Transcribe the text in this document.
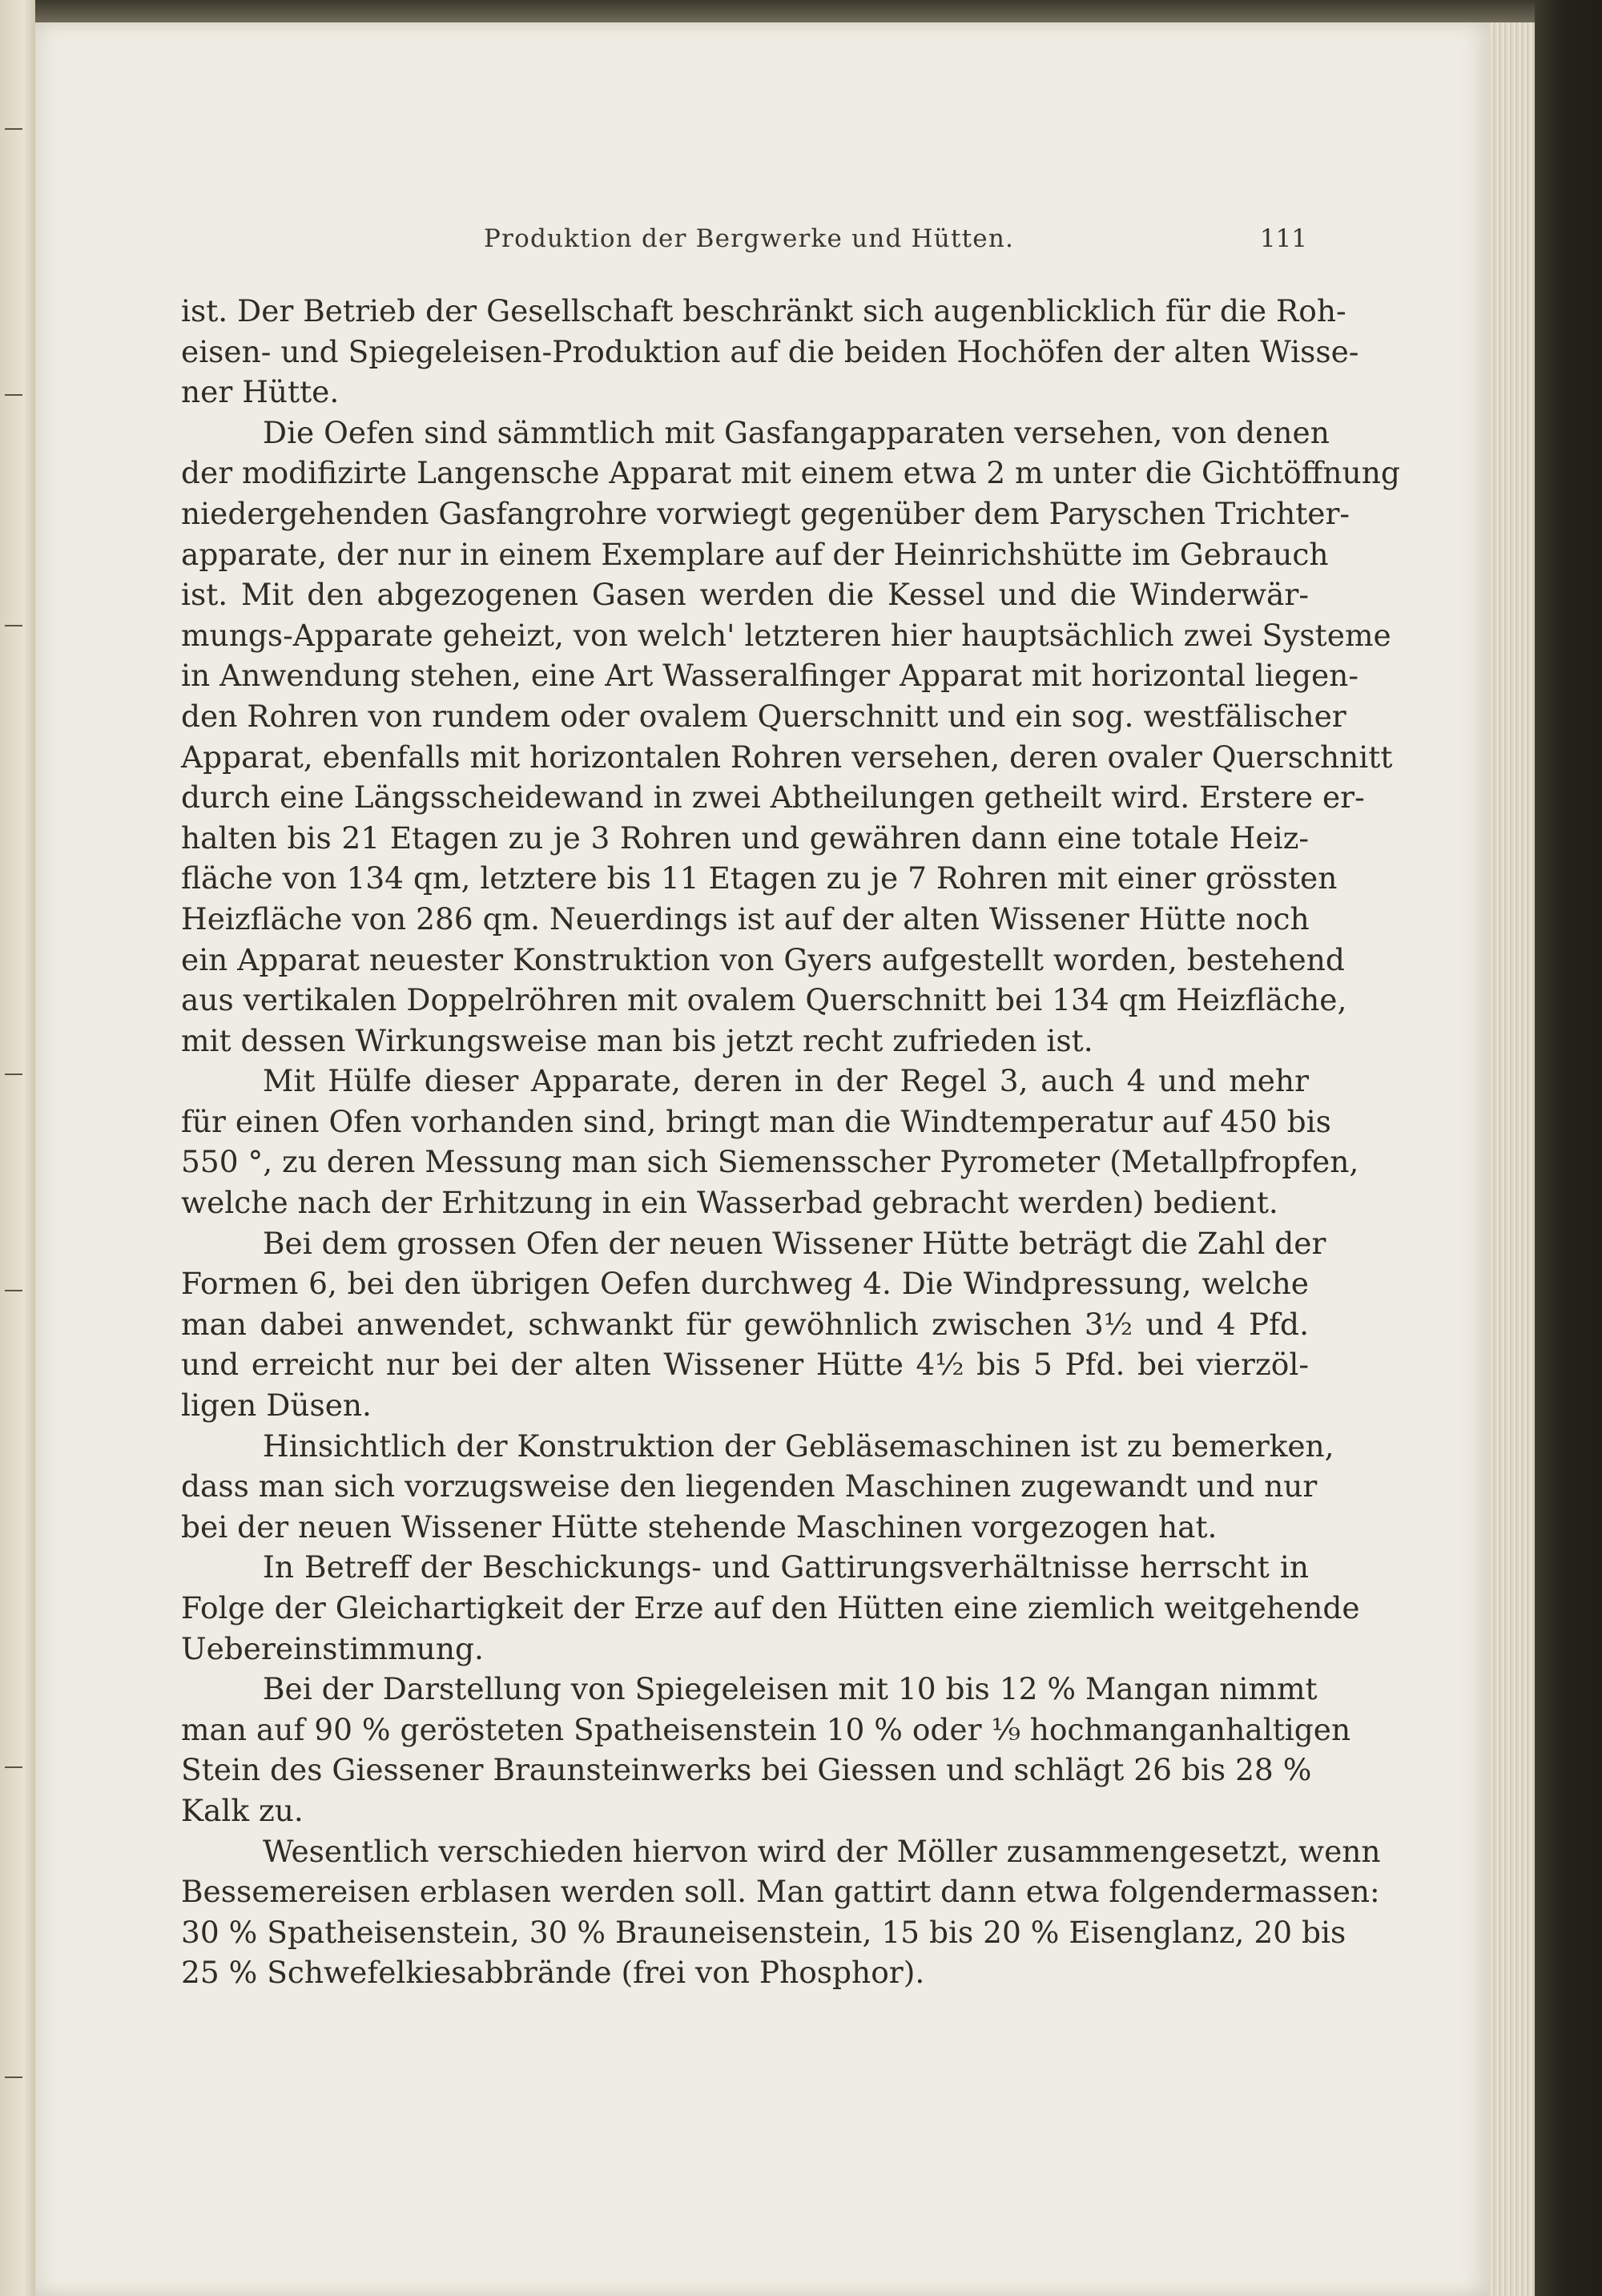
Produktion der Bergwerke und Hütten.	111
ist. Der Betrieb der Gesellschaft beschränkt sich augenblicklich für die Roh-
eisen- und Spiegeleisen-Produktion auf die beiden Hochöfen der alten Wisse-
ner Hütte.
Die Oefen sind sämmtlich mit Gasfangapparaten versehen, von denen
der modifizirte Langensche Apparat mit einem etwa 2 m unter die Gichtöffnung
niedergehenden Gasfangrohre vorwiegt gegenüber dem Paryschen Trichter-
apparate, der nur in einem Exemplare auf der Heinrichshütte im Gebrauch
ist. Mit den abgezogenen Gasen werden die Kessel und die Winderwär-
mungs-Apparate geheizt, von welch' letzteren hier hauptsächlich zwei Systeme
in Anwendung stehen, eine Art Wasseralfinger Apparat mit horizontal liegen-
den Rohren von rundem oder ovalem Querschnitt und ein sog. westfälischer
Apparat, ebenfalls mit horizontalen Rohren versehen, deren ovaler Querschnitt
durch eine Längsscheidewand in zwei Abtheilungen getheilt wird. Erstere er-
halten bis 21 Etagen zu je 3 Rohren und gewähren dann eine totale Heiz-
fläche von 134 qm, letztere bis 11 Etagen zu je 7 Rohren mit einer grössten
Heizfläche von 286 qm. Neuerdings ist auf der alten Wissener Hütte noch
ein Apparat neuester Konstruktion von Gyers aufgestellt worden, bestehend
aus vertikalen Doppelröhren mit ovalem Querschnitt bei 134 qm Heizfläche,
mit dessen Wirkungsweise man bis jetzt recht zufrieden ist.
Mit Hülfe dieser Apparate, deren in der Regel 3, auch 4 und mehr
für einen Ofen vorhanden sind, bringt man die Windtemperatur auf 450 bis
550 °, zu deren Messung man sich Siemensscher Pyrometer (Metallpfropfen,
welche nach der Erhitzung in ein Wasserbad gebracht werden) bedient.
Bei dem grossen Ofen der neuen Wissener Hütte beträgt die Zahl der
Formen 6, bei den übrigen Oefen durchweg 4. Die Windpressung, welche
man dabei anwendet, schwankt für gewöhnlich zwischen 3½ und 4 Pfd.
und erreicht nur bei der alten Wissener Hütte 4½ bis 5 Pfd. bei vierzöl-
ligen Düsen.
Hinsichtlich der Konstruktion der Gebläsemaschinen ist zu bemerken,
dass man sich vorzugsweise den liegenden Maschinen zugewandt und nur
bei der neuen Wissener Hütte stehende Maschinen vorgezogen hat.
In Betreff der Beschickungs- und Gattirungsverhältnisse herrscht in
Folge der Gleichartigkeit der Erze auf den Hütten eine ziemlich weitgehende
Uebereinstimmung.
Bei der Darstellung von Spiegeleisen mit 10 bis 12 % Mangan nimmt
man auf 90 % gerösteten Spatheisenstein 10 % oder ⅑ hochmanganhaltigen
Stein des Giessener Braunsteinwerks bei Giessen und schlägt 26 bis 28 %
Kalk zu.
Wesentlich verschieden hiervon wird der Möller zusammengesetzt, wenn
Bessemereisen erblasen werden soll. Man gattirt dann etwa folgendermassen:
30 % Spatheisenstein, 30 % Brauneisenstein, 15 bis 20 % Eisenglanz, 20 bis
25 % Schwefelkiesabbrände (frei von Phosphor).
